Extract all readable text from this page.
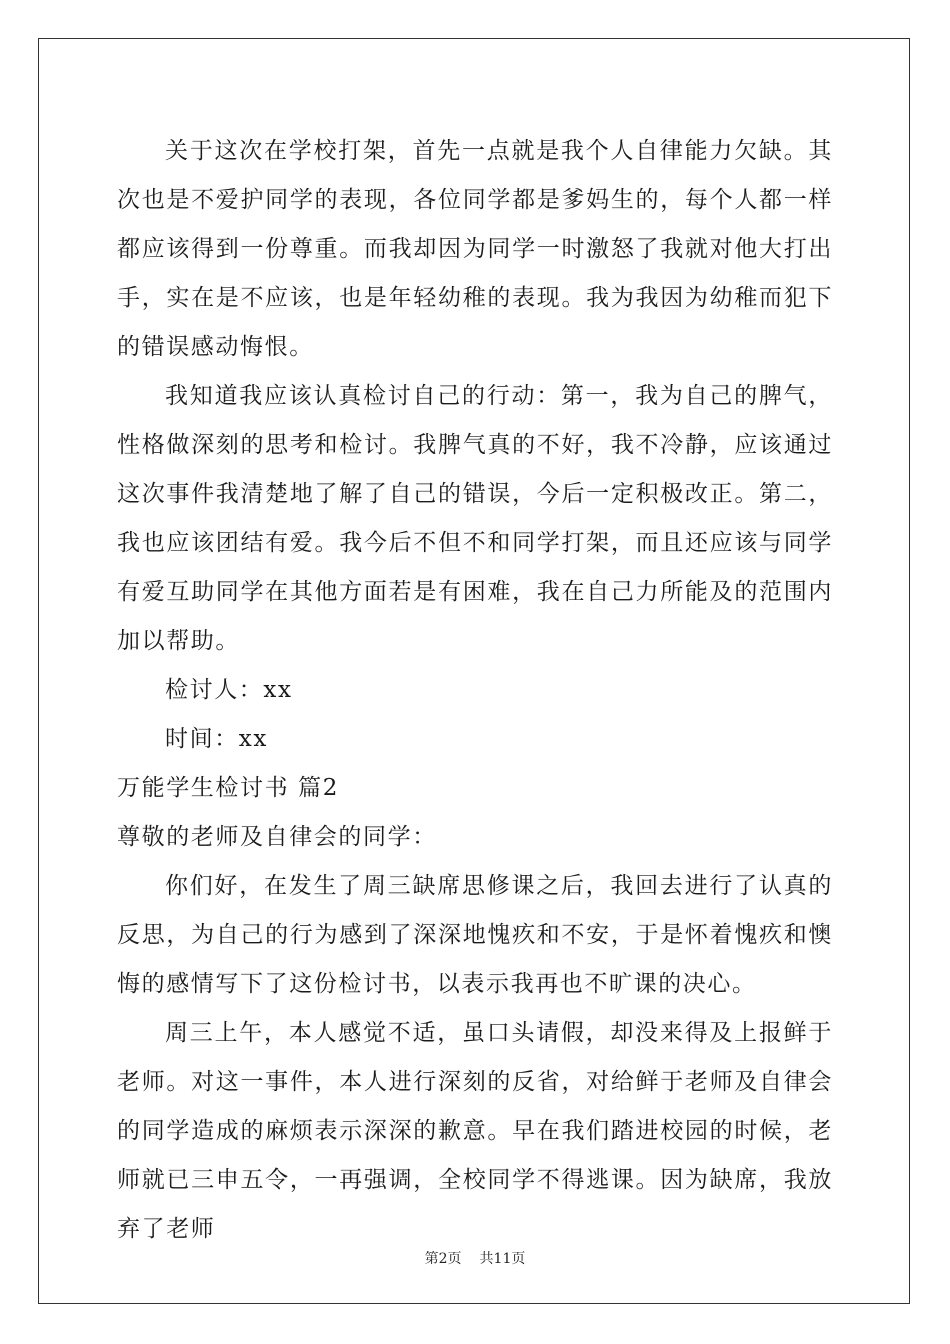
关于这次在学校打架，首先一点就是我个人自律能力欠缺。其次也是不爱护同学的表现，各位同学都是爹妈生的，每个人都一样都应该得到一份尊重。而我却因为同学一时激怒了我就对他大打出手，实在是不应该，也是年轻幼稚的表现。我为我因为幼稚而犯下的错误感动悔恨。

我知道我应该认真检讨自己的行动：第一，我为自己的脾气，性格做深刻的思考和检讨。我脾气真的不好，我不冷静，应该通过这次事件我清楚地了解了自己的错误，今后一定积极改正。第二，我也应该团结有爱。我今后不但不和同学打架，而且还应该与同学有爱互助同学在其他方面若是有困难，我在自己力所能及的范围内加以帮助。

检讨人：xx

时间：xx

万能学生检讨书 篇2

尊敬的老师及自律会的同学：

你们好，在发生了周三缺席思修课之后，我回去进行了认真的反思，为自己的行为感到了深深地愧疚和不安，于是怀着愧疚和懊悔的感情写下了这份检讨书，以表示我再也不旷课的决心。

周三上午，本人感觉不适，虽口头请假，却没来得及上报鲜于老师。对这一事件，本人进行深刻的反省，对给鲜于老师及自律会的同学造成的麻烦表示深深的歉意。早在我们踏进校园的时候，老师就已三申五令，一再强调，全校同学不得逃课。因为缺席，我放弃了老师

第2页 共11页
